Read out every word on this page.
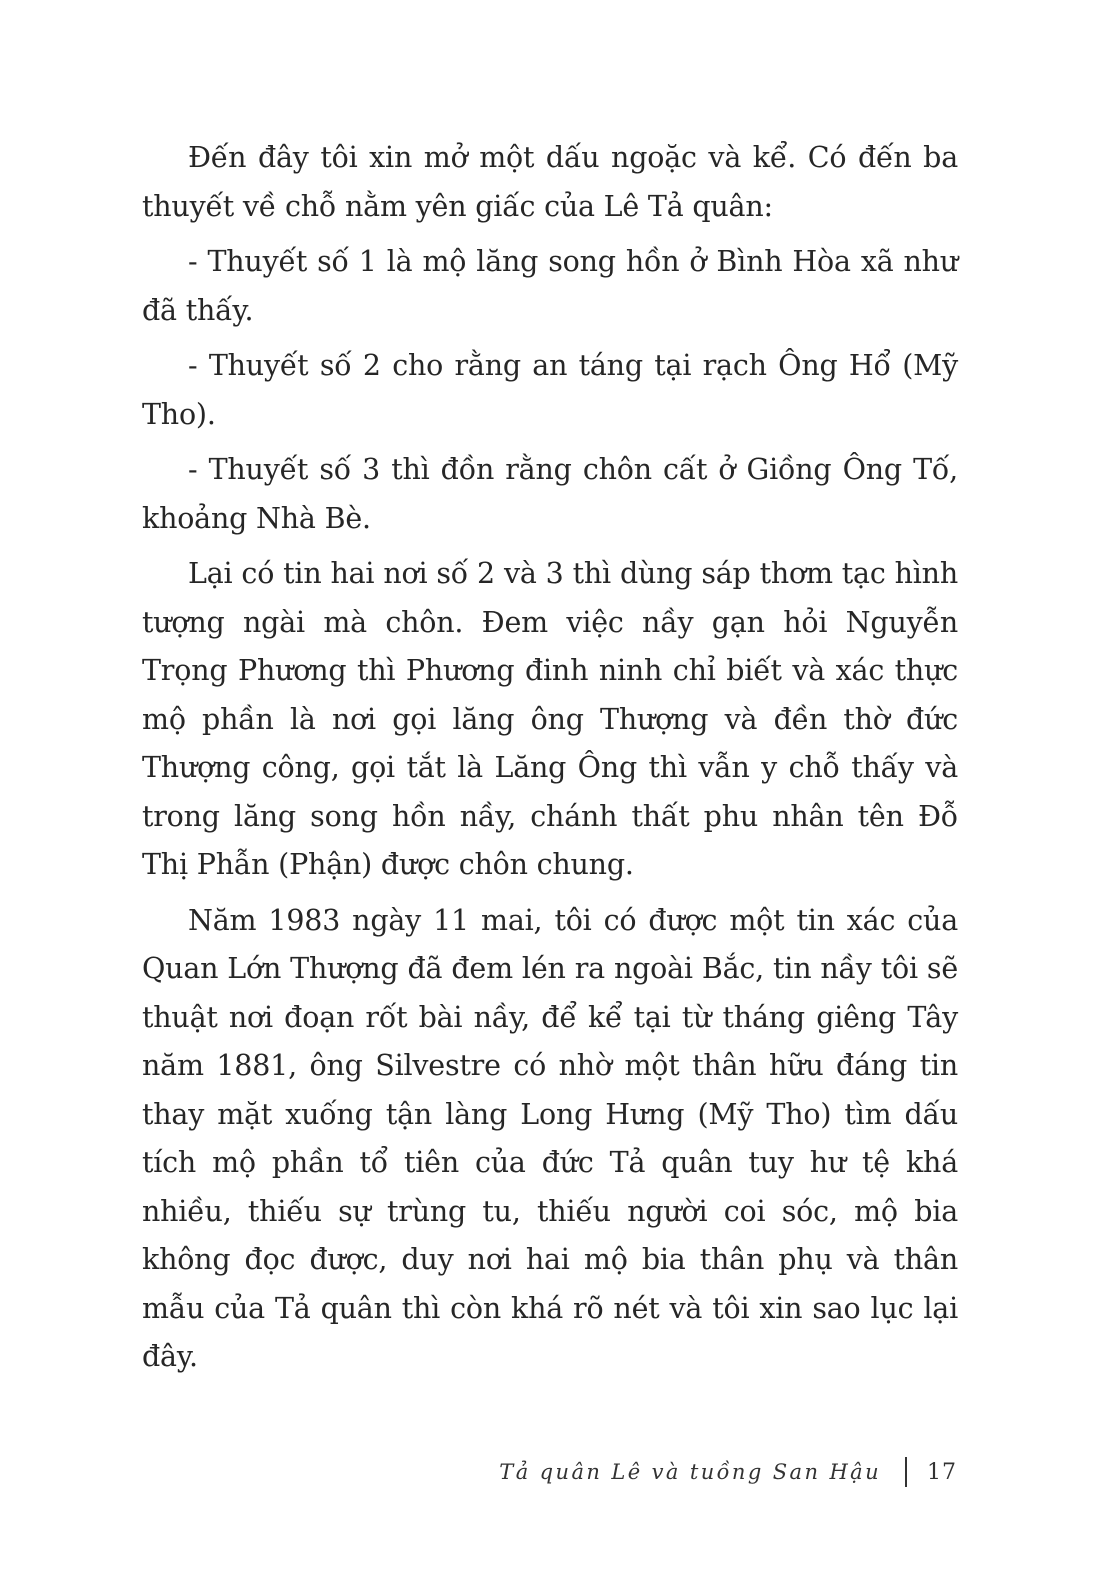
Đến đây tôi xin mở một dấu ngoặc và kể. Có đến ba thuyết về chỗ nằm yên giấc của Lê Tả quân:

- Thuyết số 1 là mộ lăng song hồn ở Bình Hòa xã như đã thấy.

- Thuyết số 2 cho rằng an táng tại rạch Ông Hổ (Mỹ Tho).

- Thuyết số 3 thì đồn rằng chôn cất ở Giồng Ông Tố, khoảng Nhà Bè.

Lại có tin hai nơi số 2 và 3 thì dùng sáp thơm tạc hình tượng ngài mà chôn. Đem việc nầy gạn hỏi Nguyễn Trọng Phương thì Phương đinh ninh chỉ biết và xác thực mộ phần là nơi gọi lăng ông Thượng và đền thờ đức Thượng công, gọi tắt là Lăng Ông thì vẫn y chỗ thấy và trong lăng song hồn nầy, chánh thất phu nhân tên Đỗ Thị Phẫn (Phận) được chôn chung.

Năm 1983 ngày 11 mai, tôi có được một tin xác của Quan Lớn Thượng đã đem lén ra ngoài Bắc, tin nầy tôi sẽ thuật nơi đoạn rốt bài nầy, để kể tại từ tháng giêng Tây năm 1881, ông Silvestre có nhờ một thân hữu đáng tin thay mặt xuống tận làng Long Hưng (Mỹ Tho) tìm dấu tích mộ phần tổ tiên của đức Tả quân tuy hư tệ khá nhiều, thiếu sự trùng tu, thiếu người coi sóc, mộ bia không đọc được, duy nơi hai mộ bia thân phụ và thân mẫu của Tả quân thì còn khá rõ nét và tôi xin sao lục lại đây.

Tả quân Lê và tuồng San Hậu 17
